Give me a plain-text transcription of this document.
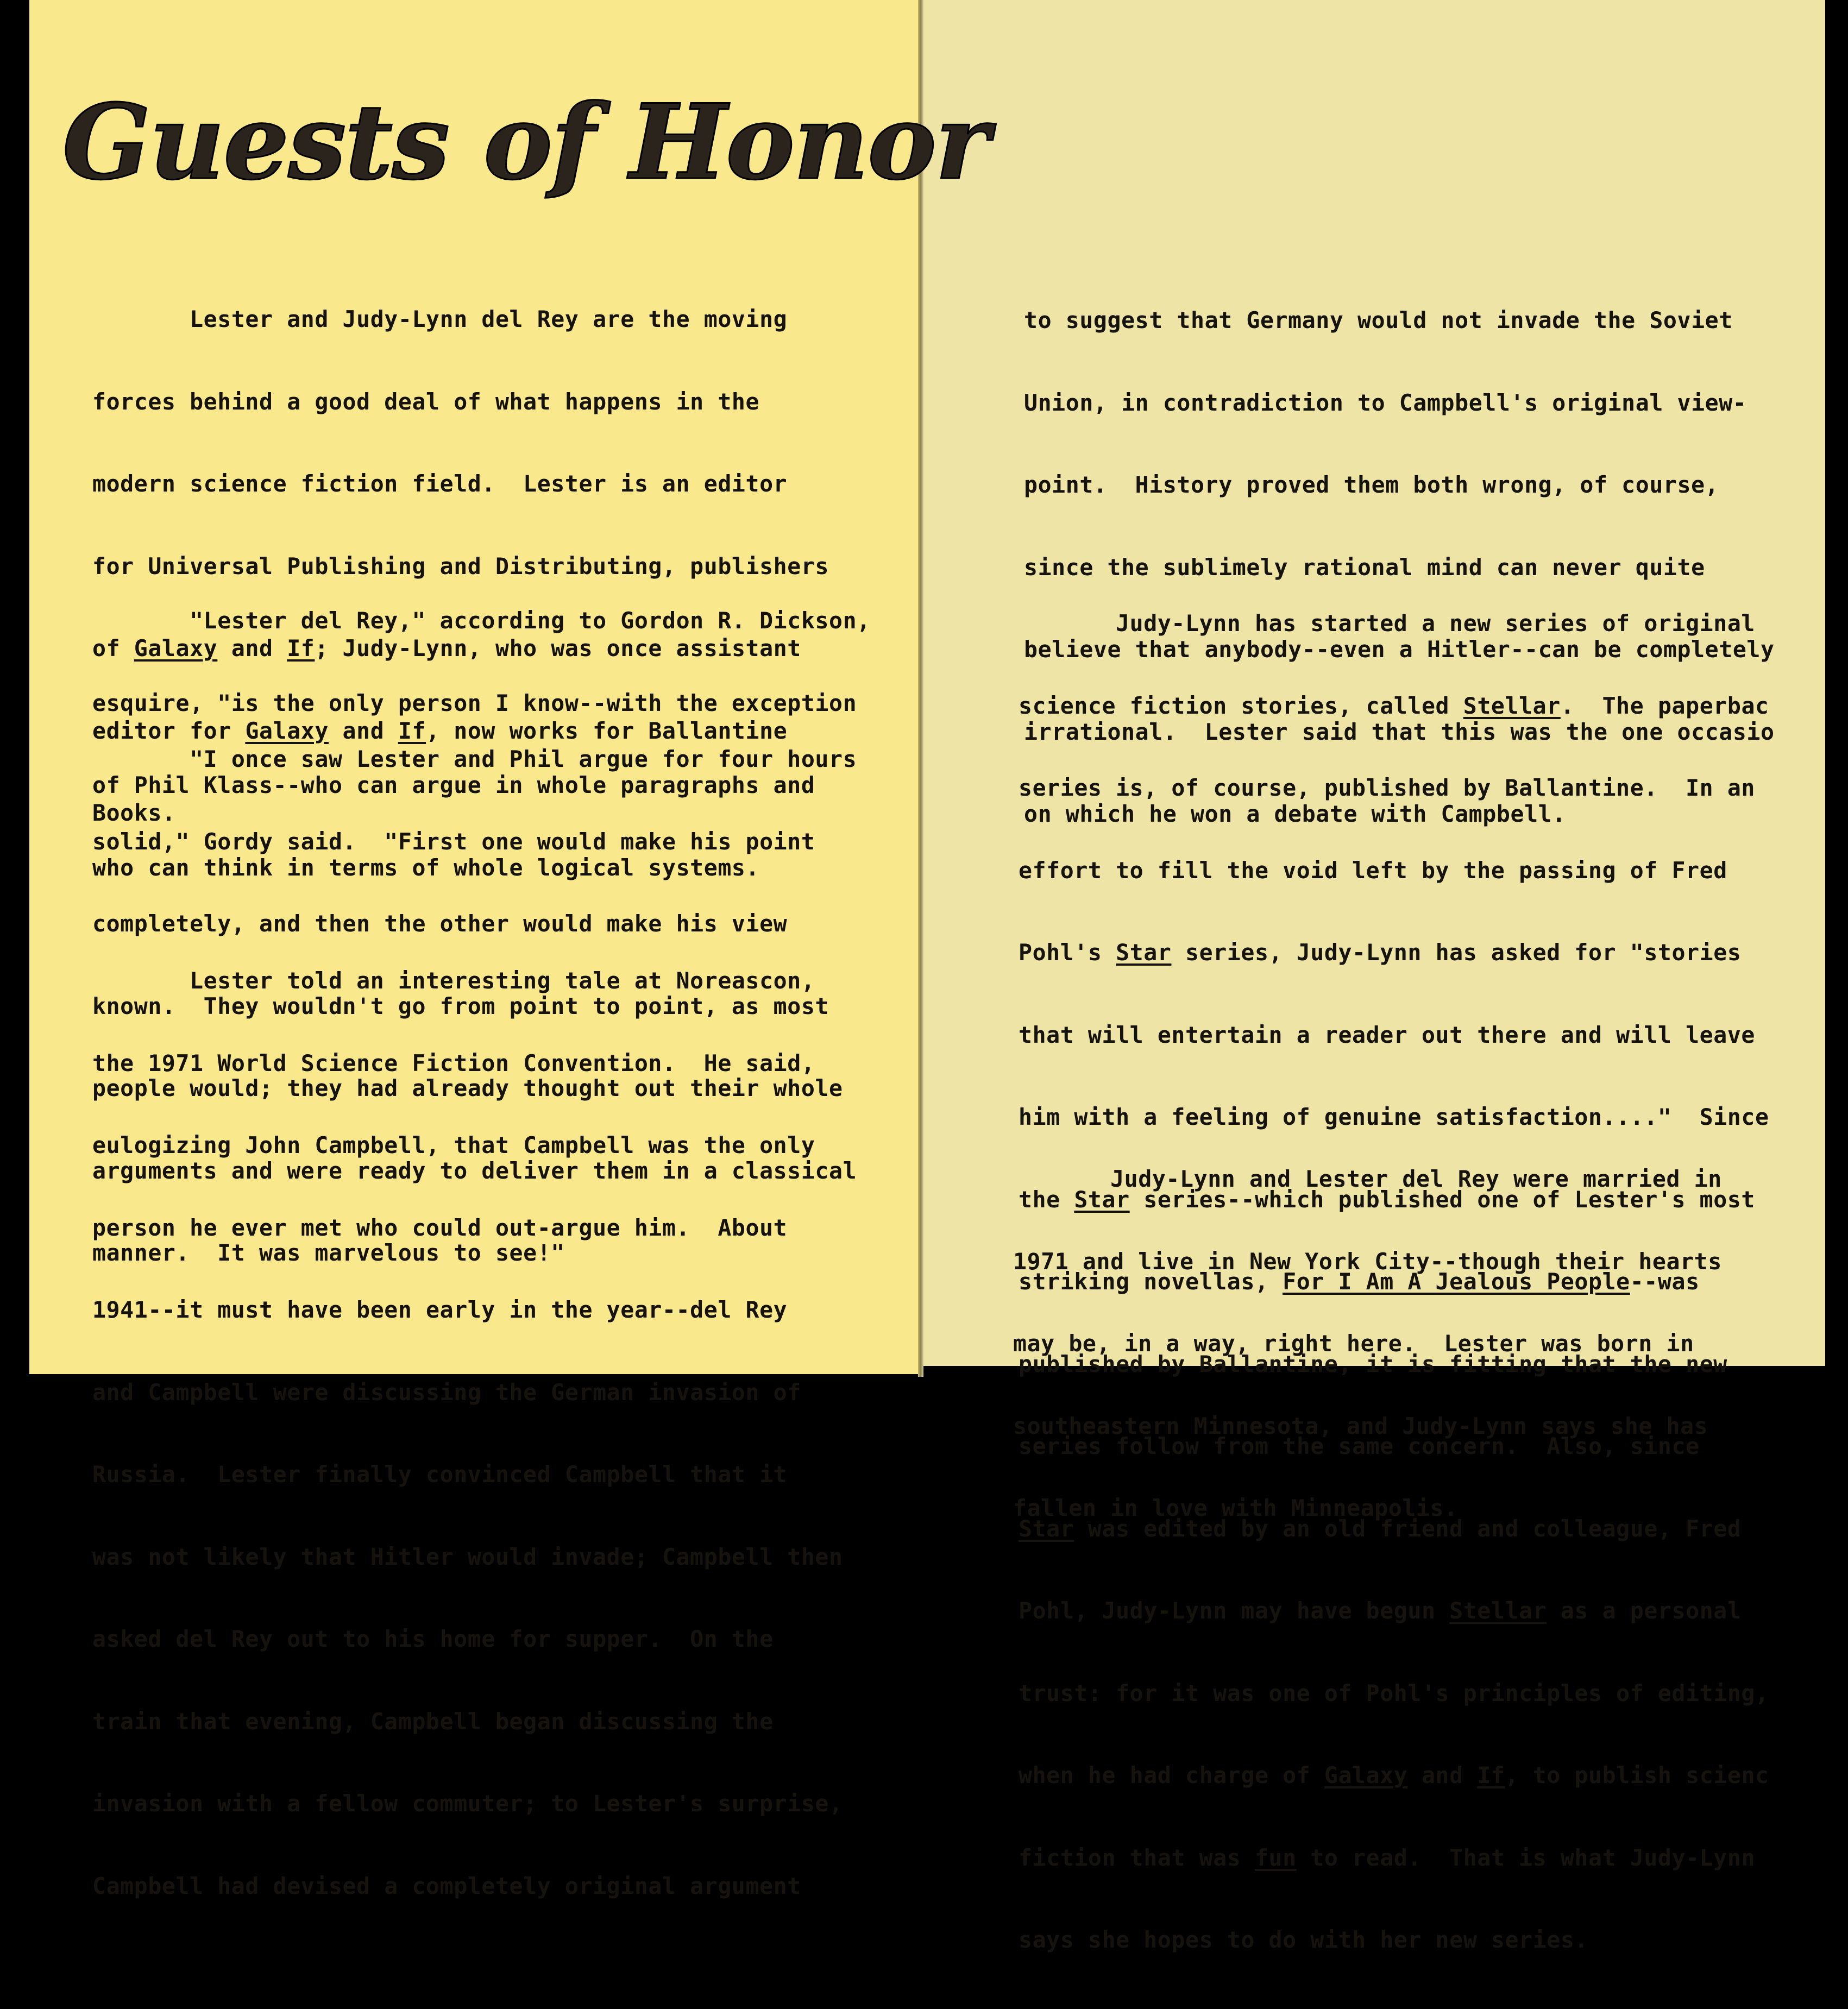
Guests of Honor

Lester and Judy-Lynn del Rey are the moving

forces behind a good deal of what happens in the

modern science fiction field.  Lester is an editor

for Universal Publishing and Distributing, publishers

of Galaxy and If; Judy-Lynn, who was once assistant

editor for Galaxy and If, now works for Ballantine

Books.

"Lester del Rey," according to Gordon R. Dickson,

esquire, "is the only person I know--with the exception

of Phil Klass--who can argue in whole paragraphs and

who can think in terms of whole logical systems.

"I once saw Lester and Phil argue for four hours

solid," Gordy said.  "First one would make his point

completely, and then the other would make his view

known.  They wouldn't go from point to point, as most

people would; they had already thought out their whole

arguments and were ready to deliver them in a classical

manner.  It was marvelous to see!"

Lester told an interesting tale at Noreascon,

the 1971 World Science Fiction Convention.  He said,

eulogizing John Campbell, that Campbell was the only

person he ever met who could out-argue him.  About

1941--it must have been early in the year--del Rey

and Campbell were discussing the German invasion of

Russia.  Lester finally convinced Campbell that it

was not likely that Hitler would invade; Campbell then

asked del Rey out to his home for supper.  On the

train that evening, Campbell began discussing the

invasion with a fellow commuter; to Lester's surprise,

Campbell had devised a completely original argument

to suggest that Germany would not invade the Soviet

Union, in contradiction to Campbell's original view-

point.  History proved them both wrong, of course,

since the sublimely rational mind can never quite

believe that anybody--even a Hitler--can be completely

irrational.  Lester said that this was the one occasio

on which he won a debate with Campbell.

Judy-Lynn has started a new series of original

science fiction stories, called Stellar.  The paperbac

series is, of course, published by Ballantine.  In an

effort to fill the void left by the passing of Fred

Pohl's Star series, Judy-Lynn has asked for "stories

that will entertain a reader out there and will leave

him with a feeling of genuine satisfaction...."  Since

the Star series--which published one of Lester's most

striking novellas, For I Am A Jealous People--was

published by Ballantine, it is fitting that the new

series follow from the same concern.  Also, since

Star was edited by an old friend and colleague, Fred

Pohl, Judy-Lynn may have begun Stellar as a personal

trust: for it was one of Pohl's principles of editing,

when he had charge of Galaxy and If, to publish scienc

fiction that was fun to read.  That is what Judy-Lynn

says she hopes to do with her new series.

Judy-Lynn and Lester del Rey were married in

1971 and live in New York City--though their hearts

may be, in a way, right here.  Lester was born in

southeastern Minnesota, and Judy-Lynn says she has

fallen in love with Minneapolis.
